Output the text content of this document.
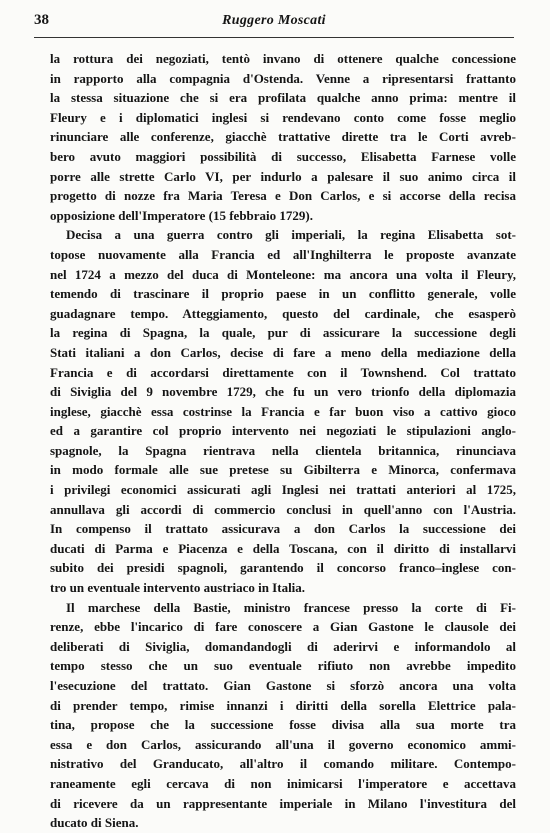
38	Ruggero Moscati
la rottura dei negoziati, tentò invano di ottenere qualche concessione
in rapporto alla compagnia d'Ostenda. Venne a ripresentarsi frattanto
la stessa situazione che si era profilata qualche anno prima: mentre il
Fleury e i diplomatici inglesi si rendevano conto come fosse meglio
rinunciare alle conferenze, giacchè trattative dirette tra le Corti avreb-
bero avuto maggiori possibilità di successo, Elisabetta Farnese volle
porre alle strette Carlo VI, per indurlo a palesare il suo animo circa il
progetto di nozze fra Maria Teresa e Don Carlos, e si accorse della recisa
opposizione dell'Imperatore (15 febbraio 1729).
Decisa a una guerra contro gli imperiali, la regina Elisabetta sot-
topose nuovamente alla Francia ed all'Inghilterra le proposte avanzate
nel 1724 a mezzo del duca di Monteleone: ma ancora una volta il Fleury,
temendo di trascinare il proprio paese in un conflitto generale, volle
guadagnare tempo. Atteggiamento, questo del cardinale, che esasperò
la regina di Spagna, la quale, pur di assicurare la successione degli
Stati italiani a don Carlos, decise di fare a meno della mediazione della
Francia e di accordarsi direttamente con il Townshend. Col trattato
di Siviglia del 9 novembre 1729, che fu un vero trionfo della diplomazia
inglese, giacchè essa costrinse la Francia e far buon viso a cattivo gioco
ed a garantire col proprio intervento nei negoziati le stipulazioni anglo-
spagnole, la Spagna rientrava nella clientela britannica, rinunciava
in modo formale alle sue pretese su Gibilterra e Minorca, confermava
i privilegi economici assicurati agli Inglesi nei trattati anteriori al 1725,
annullava gli accordi di commercio conclusi in quell'anno con l'Austria.
In compenso il trattato assicurava a don Carlos la successione dei
ducati di Parma e Piacenza e della Toscana, con il diritto di installarvi
subito dei presidi spagnoli, garantendo il concorso franco–inglese con-
tro un eventuale intervento austriaco in Italia.
Il marchese della Bastie, ministro francese presso la corte di Fi-
renze, ebbe l'incarico di fare conoscere a Gian Gastone le clausole dei
deliberati di Siviglia, domandandogli di aderirvi e informandolo al
tempo stesso che un suo eventuale rifiuto non avrebbe impedito
l'esecuzione del trattato. Gian Gastone si sforzò ancora una volta
di prender tempo, rimise innanzi i diritti della sorella Elettrice pala-
tina, propose che la successione fosse divisa alla sua morte tra
essa e don Carlos, assicurando all'una il governo economico ammi-
nistrativo del Granducato, all'altro il comando militare. Contempo-
raneamente egli cercava di non inimicarsi l'imperatore e accettava
di ricevere da un rappresentante imperiale in Milano l'investitura del
ducato di Siena.
